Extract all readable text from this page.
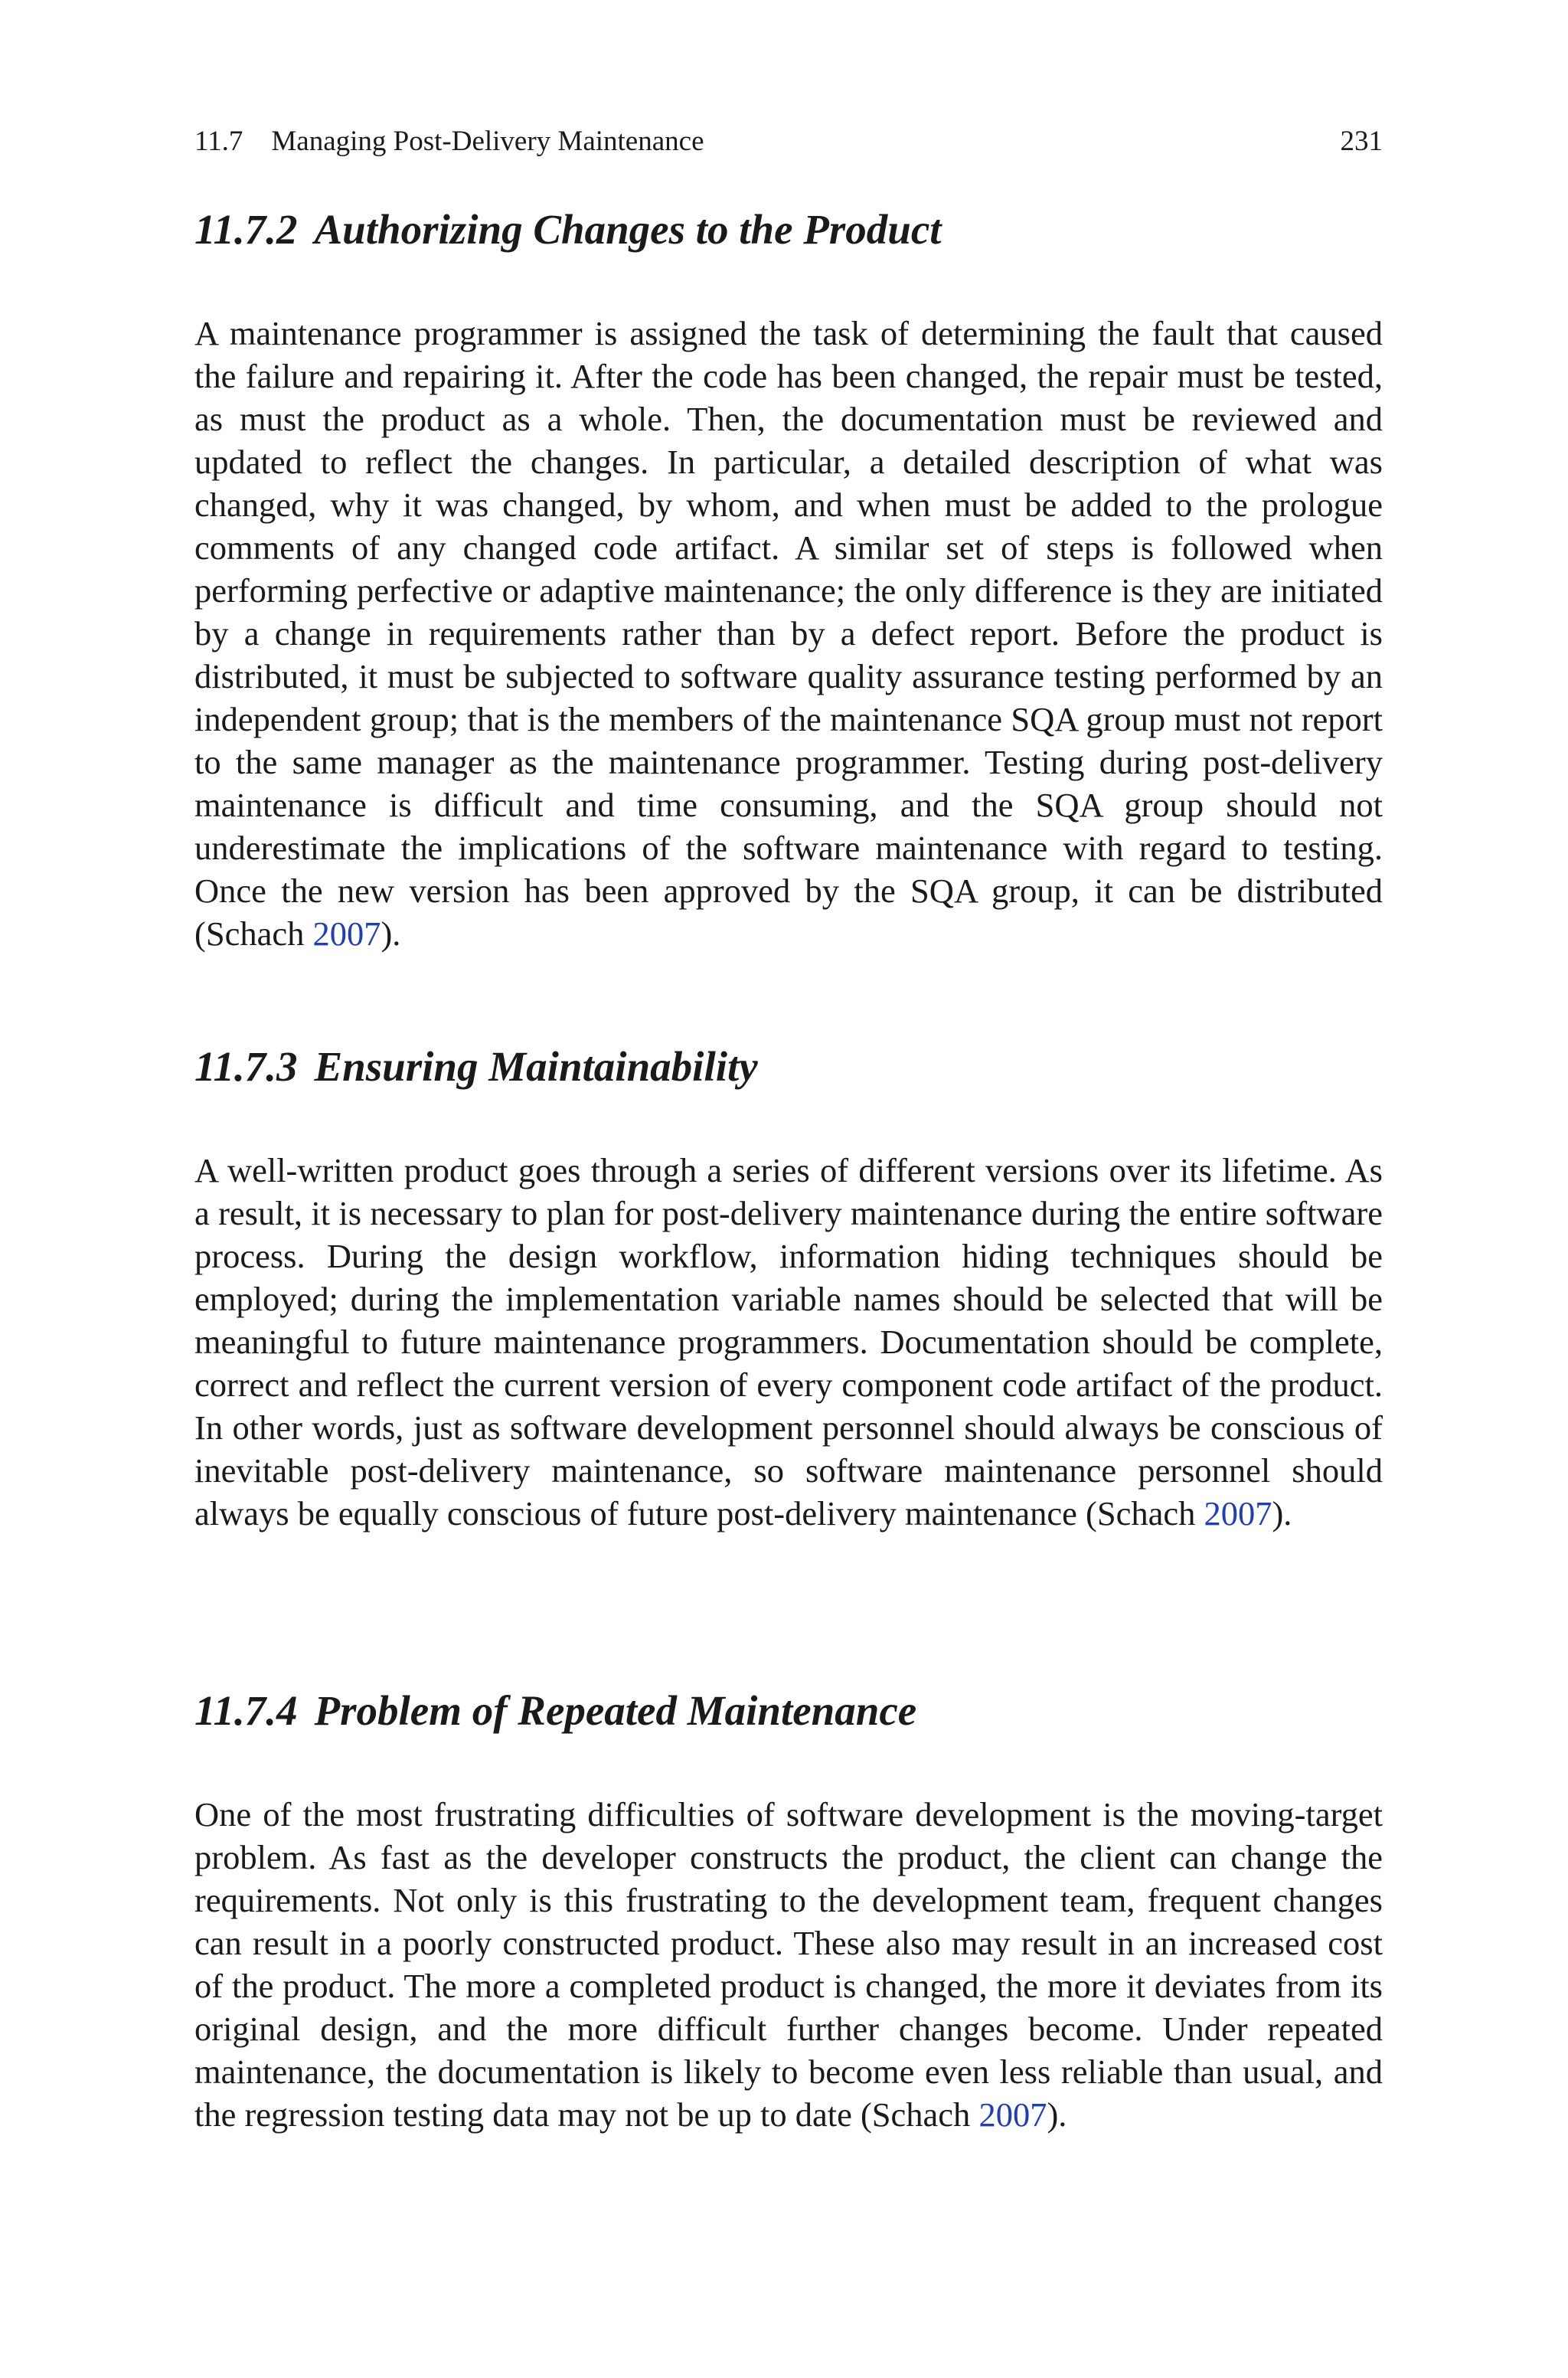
11.7  Managing Post-Delivery Maintenance	231
11.7.2 Authorizing Changes to the Product

A maintenance programmer is assigned the task of determining the fault that caused the failure and repairing it. After the code has been changed, the repair must be tested, as must the product as a whole. Then, the documentation must be reviewed and updated to reflect the changes. In particular, a detailed description of what was changed, why it was changed, by whom, and when must be added to the prologue comments of any changed code artifact. A similar set of steps is followed when performing perfective or adaptive maintenance; the only difference is they are initiated by a change in requirements rather than by a defect report. Before the product is distributed, it must be subjected to software quality assurance testing performed by an independent group; that is the members of the maintenance SQA group must not report to the same manager as the maintenance programmer. Testing during post-delivery maintenance is difficult and time consuming, and the SQA group should not underestimate the implications of the software maintenance with regard to testing. Once the new version has been approved by the SQA group, it can be distributed (Schach 2007).

11.7.3 Ensuring Maintainability

A well-written product goes through a series of different versions over its lifetime. As a result, it is necessary to plan for post-delivery maintenance during the entire software process. During the design workflow, information hiding techniques should be employed; during the implementation variable names should be selected that will be meaningful to future maintenance programmers. Documentation should be complete, correct and reflect the current version of every component code artifact of the product. In other words, just as software development personnel should always be conscious of inevitable post-delivery maintenance, so software maintenance personnel should always be equally conscious of future post-delivery maintenance (Schach 2007).

11.7.4 Problem of Repeated Maintenance

One of the most frustrating difficulties of software development is the moving-target problem. As fast as the developer constructs the product, the client can change the requirements. Not only is this frustrating to the development team, frequent changes can result in a poorly constructed product. These also may result in an increased cost of the product. The more a completed product is changed, the more it deviates from its original design, and the more difficult further changes become. Under repeated maintenance, the documentation is likely to become even less reliable than usual, and the regression testing data may not be up to date (Schach 2007).
